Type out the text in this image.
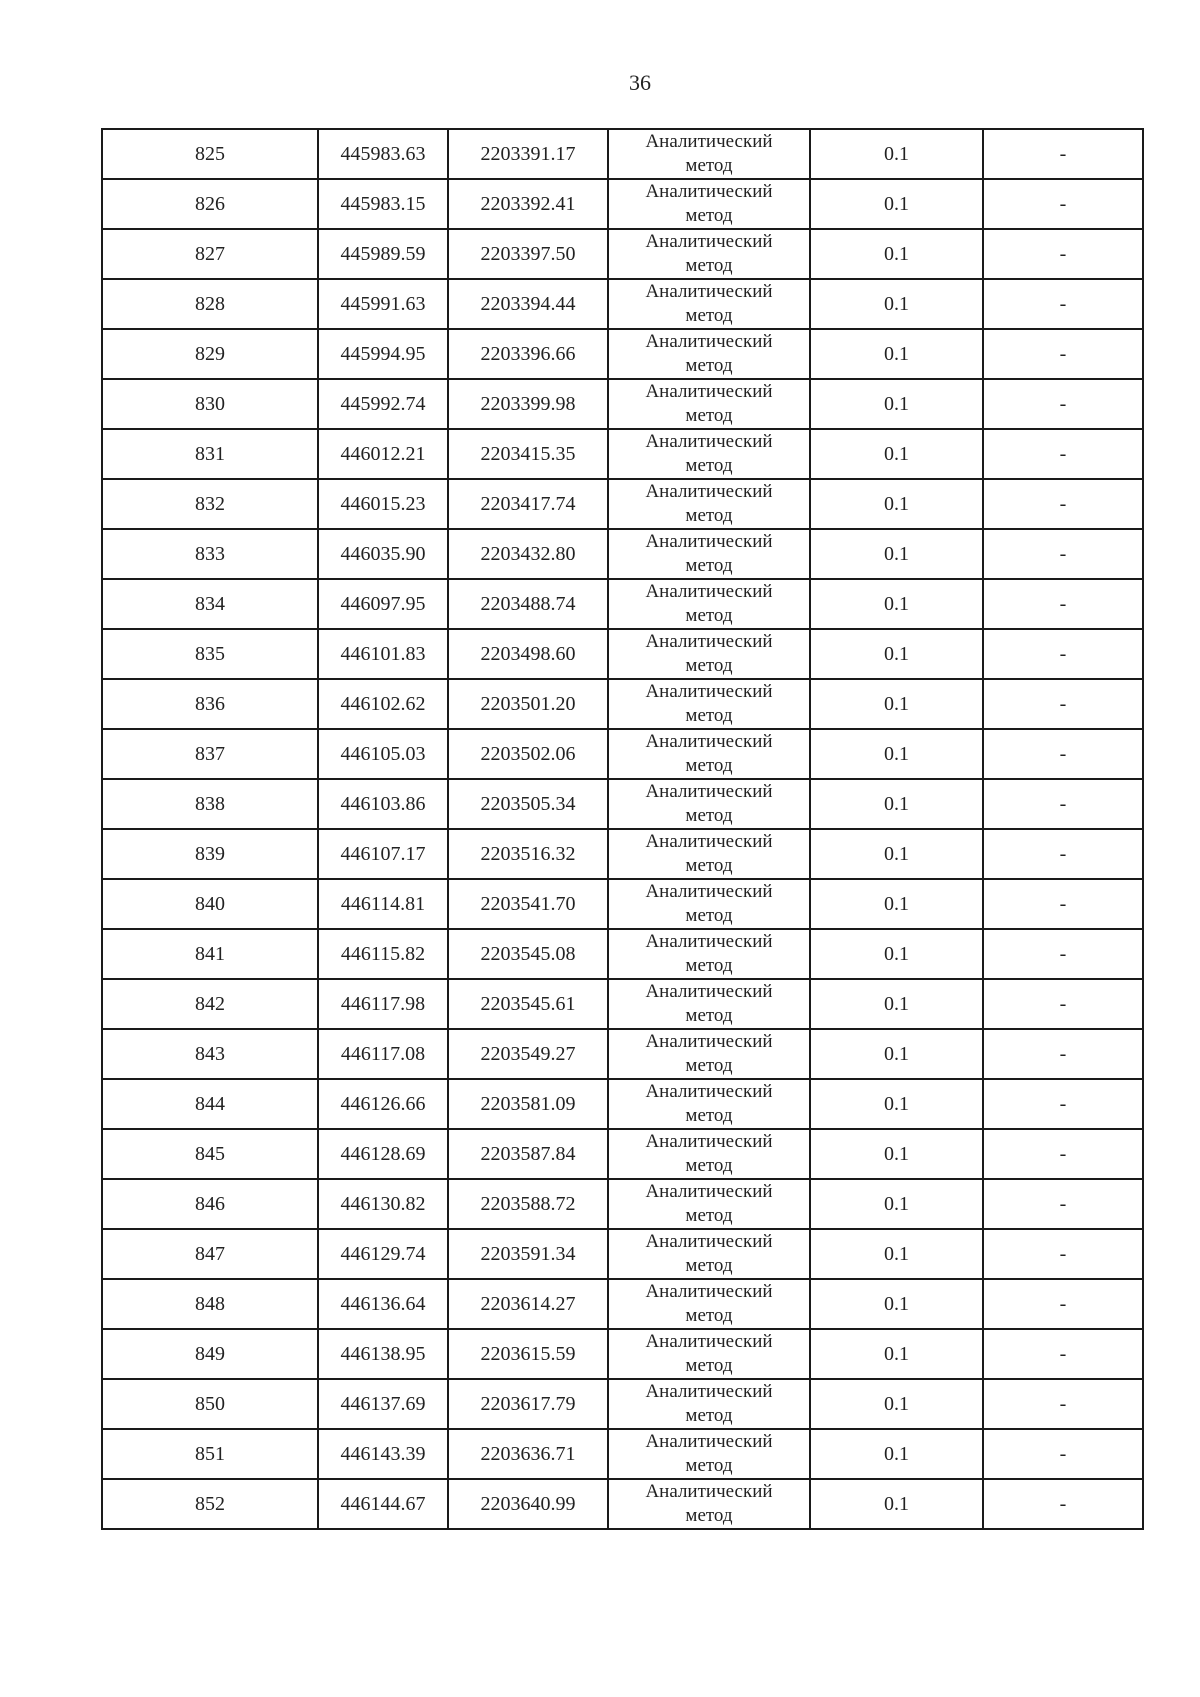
36
825	445983.63	2203391.17	Аналитический
метод	0.1	-
826	445983.15	2203392.41	Аналитический
метод	0.1	-
827	445989.59	2203397.50	Аналитический
метод	0.1	-
828	445991.63	2203394.44	Аналитический
метод	0.1	-
829	445994.95	2203396.66	Аналитический
метод	0.1	-
830	445992.74	2203399.98	Аналитический
метод	0.1	-
831	446012.21	2203415.35	Аналитический
метод	0.1	-
832	446015.23	2203417.74	Аналитический
метод	0.1	-
833	446035.90	2203432.80	Аналитический
метод	0.1	-
834	446097.95	2203488.74	Аналитический
метод	0.1	-
835	446101.83	2203498.60	Аналитический
метод	0.1	-
836	446102.62	2203501.20	Аналитический
метод	0.1	-
837	446105.03	2203502.06	Аналитический
метод	0.1	-
838	446103.86	2203505.34	Аналитический
метод	0.1	-
839	446107.17	2203516.32	Аналитический
метод	0.1	-
840	446114.81	2203541.70	Аналитический
метод	0.1	-
841	446115.82	2203545.08	Аналитический
метод	0.1	-
842	446117.98	2203545.61	Аналитический
метод	0.1	-
843	446117.08	2203549.27	Аналитический
метод	0.1	-
844	446126.66	2203581.09	Аналитический
метод	0.1	-
845	446128.69	2203587.84	Аналитический
метод	0.1	-
846	446130.82	2203588.72	Аналитический
метод	0.1	-
847	446129.74	2203591.34	Аналитический
метод	0.1	-
848	446136.64	2203614.27	Аналитический
метод	0.1	-
849	446138.95	2203615.59	Аналитический
метод	0.1	-
850	446137.69	2203617.79	Аналитический
метод	0.1	-
851	446143.39	2203636.71	Аналитический
метод	0.1	-
852	446144.67	2203640.99	Аналитический
метод	0.1	-
